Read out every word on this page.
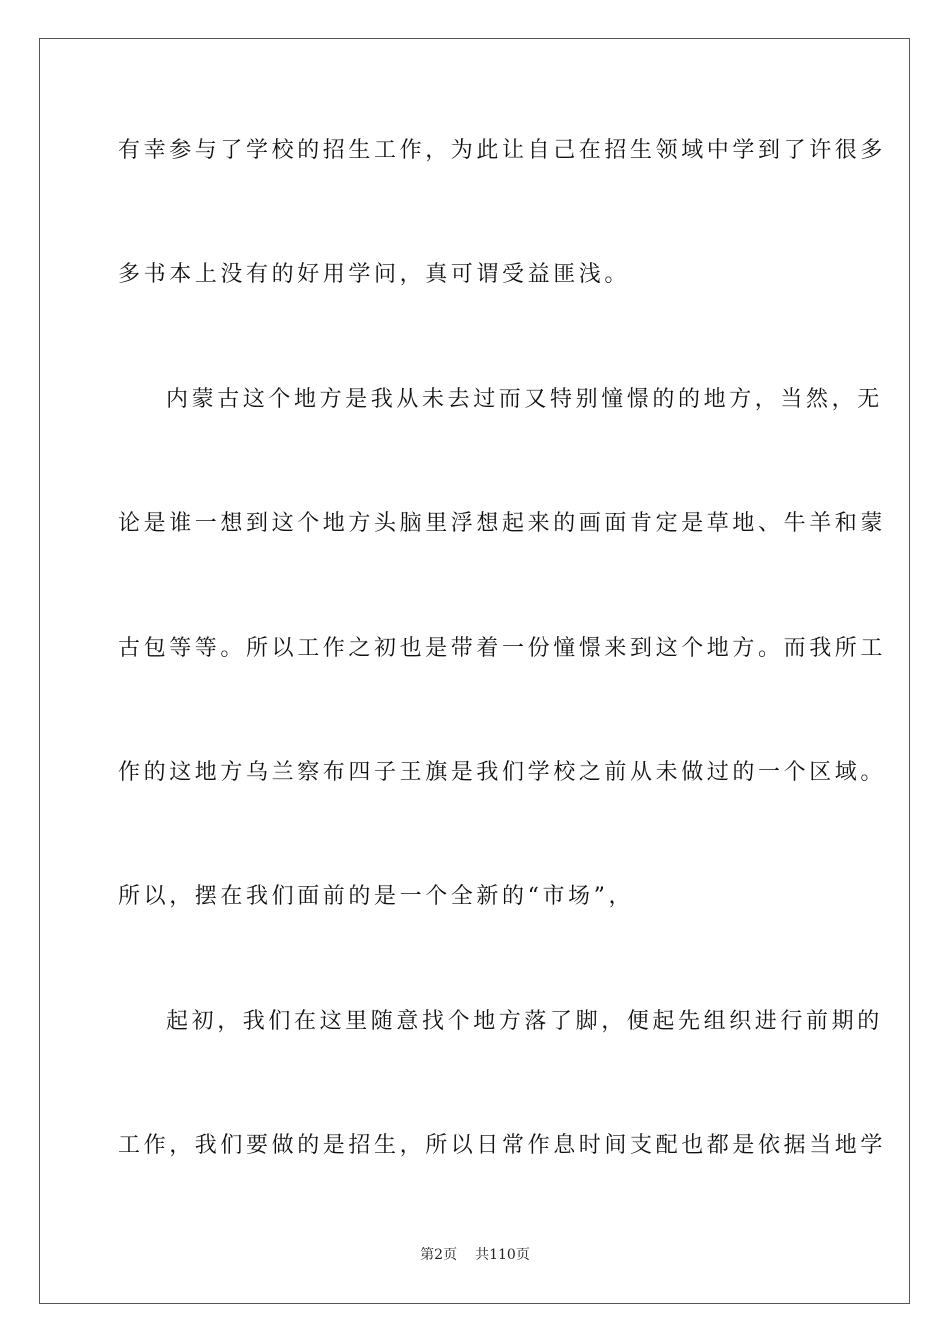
有幸参与了学校的招生工作，为此让自己在招生领域中学到了许很多
多书本上没有的好用学问，真可谓受益匪浅。
内蒙古这个地方是我从未去过而又特别憧憬的的地方，当然，无
论是谁一想到这个地方头脑里浮想起来的画面肯定是草地、牛羊和蒙
古包等等。所以工作之初也是带着一份憧憬来到这个地方。而我所工
作的这地方乌兰察布四子王旗是我们学校之前从未做过的一个区域。
所以，摆在我们面前的是一个全新的“市场”，
起初，我们在这里随意找个地方落了脚，便起先组织进行前期的
工作，我们要做的是招生，所以日常作息时间支配也都是依据当地学
第2页 共110页
